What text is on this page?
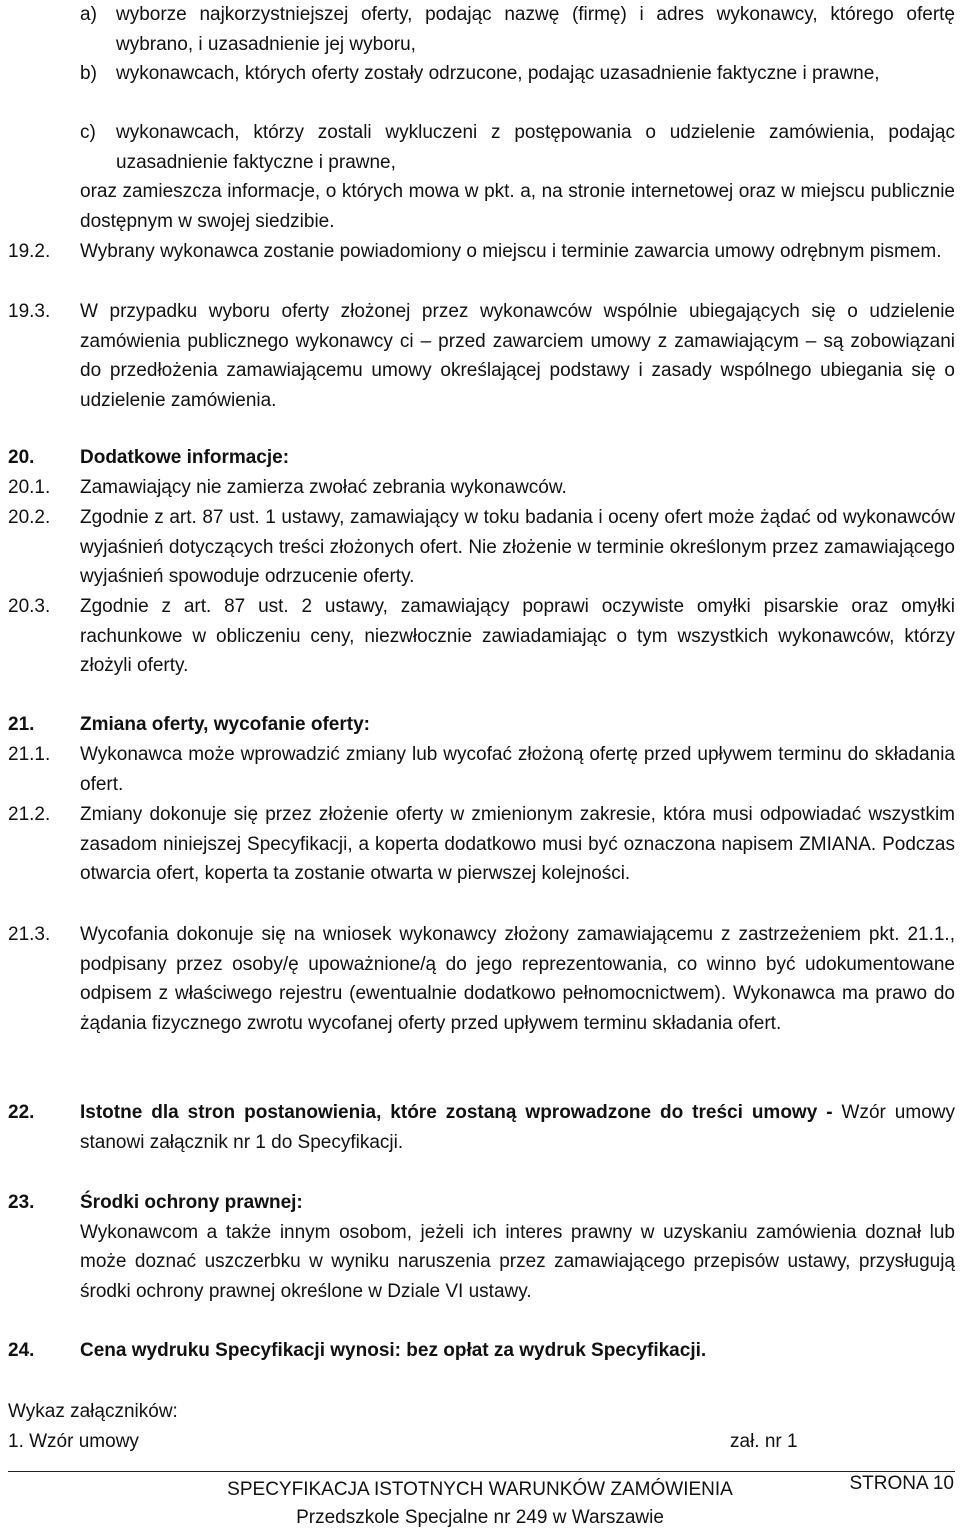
a)	wyborze najkorzystniejszej oferty, podając nazwę (firmę) i adres wykonawcy, którego ofertę wybrano, i uzasadnienie jej wyboru,
b)	wykonawcach, których oferty zostały odrzucone, podając uzasadnienie faktyczne i prawne,
c)	wykonawcach, którzy zostali wykluczeni z postępowania o udzielenie zamówienia, podając uzasadnienie faktyczne i prawne,
oraz zamieszcza informacje, o których mowa w pkt. a, na stronie internetowej oraz w miejscu publicznie dostępnym w swojej siedzibie.
19.2.	Wybrany wykonawca zostanie powiadomiony o miejscu i terminie zawarcia umowy odrębnym pismem.
19.3.	W przypadku wyboru oferty złożonej przez wykonawców wspólnie ubiegających się o udzielenie zamówienia publicznego wykonawcy ci – przed zawarciem umowy z zamawiającym – są zobowiązani do przedłożenia zamawiającemu umowy określającej podstawy i zasady wspólnego ubiegania się o udzielenie zamówienia.
20.	Dodatkowe informacje:
20.1.	Zamawiający nie zamierza zwołać zebrania wykonawców.
20.2.	Zgodnie z art. 87 ust. 1 ustawy, zamawiający w toku badania i oceny ofert może żądać od wykonawców wyjaśnień dotyczących treści złożonych ofert. Nie złożenie w terminie określonym przez zamawiającego wyjaśnień spowoduje odrzucenie oferty.
20.3.	Zgodnie z art. 87 ust. 2 ustawy, zamawiający poprawi oczywiste omyłki pisarskie oraz omyłki rachunkowe w obliczeniu ceny, niezwłocznie zawiadamiając o tym wszystkich wykonawców, którzy złożyli oferty.
21.	Zmiana oferty, wycofanie oferty:
21.1.	Wykonawca może wprowadzić zmiany lub wycofać złożoną ofertę przed upływem terminu do składania ofert.
21.2.	Zmiany dokonuje się przez złożenie oferty w zmienionym zakresie, która musi odpowiadać wszystkim zasadom niniejszej Specyfikacji, a koperta dodatkowo musi być oznaczona napisem ZMIANA. Podczas otwarcia ofert, koperta ta zostanie otwarta w pierwszej kolejności.
21.3.	Wycofania dokonuje się na wniosek wykonawcy złożony zamawiającemu z zastrzeżeniem pkt. 21.1., podpisany przez osoby/ę upoważnione/ą do jego reprezentowania, co winno być udokumentowane odpisem z właściwego rejestru (ewentualnie dodatkowo pełnomocnictwem). Wykonawca ma prawo do żądania fizycznego zwrotu wycofanej oferty przed upływem terminu składania ofert.
22.	Istotne dla stron postanowienia, które zostaną wprowadzone do treści umowy - Wzór umowy stanowi załącznik nr 1 do Specyfikacji.
23.	Środki ochrony prawnej:
Wykonawcom a także innym osobom, jeżeli ich interes prawny w uzyskaniu zamówienia doznał lub może doznać uszczerbku w wyniku naruszenia przez zamawiającego przepisów ustawy, przysługują środki ochrony prawnej określone w Dziale VI ustawy.
24.	Cena wydruku Specyfikacji wynosi: bez opłat za wydruk Specyfikacji.
Wykaz załączników:
1. Wzór umowy	zał. nr 1
SPECYFIKACJA ISTOTNYCH WARUNKÓW ZAMÓWIENIA
Przedszkole Specjalne nr 249 w Warszawie
STRONA 10
